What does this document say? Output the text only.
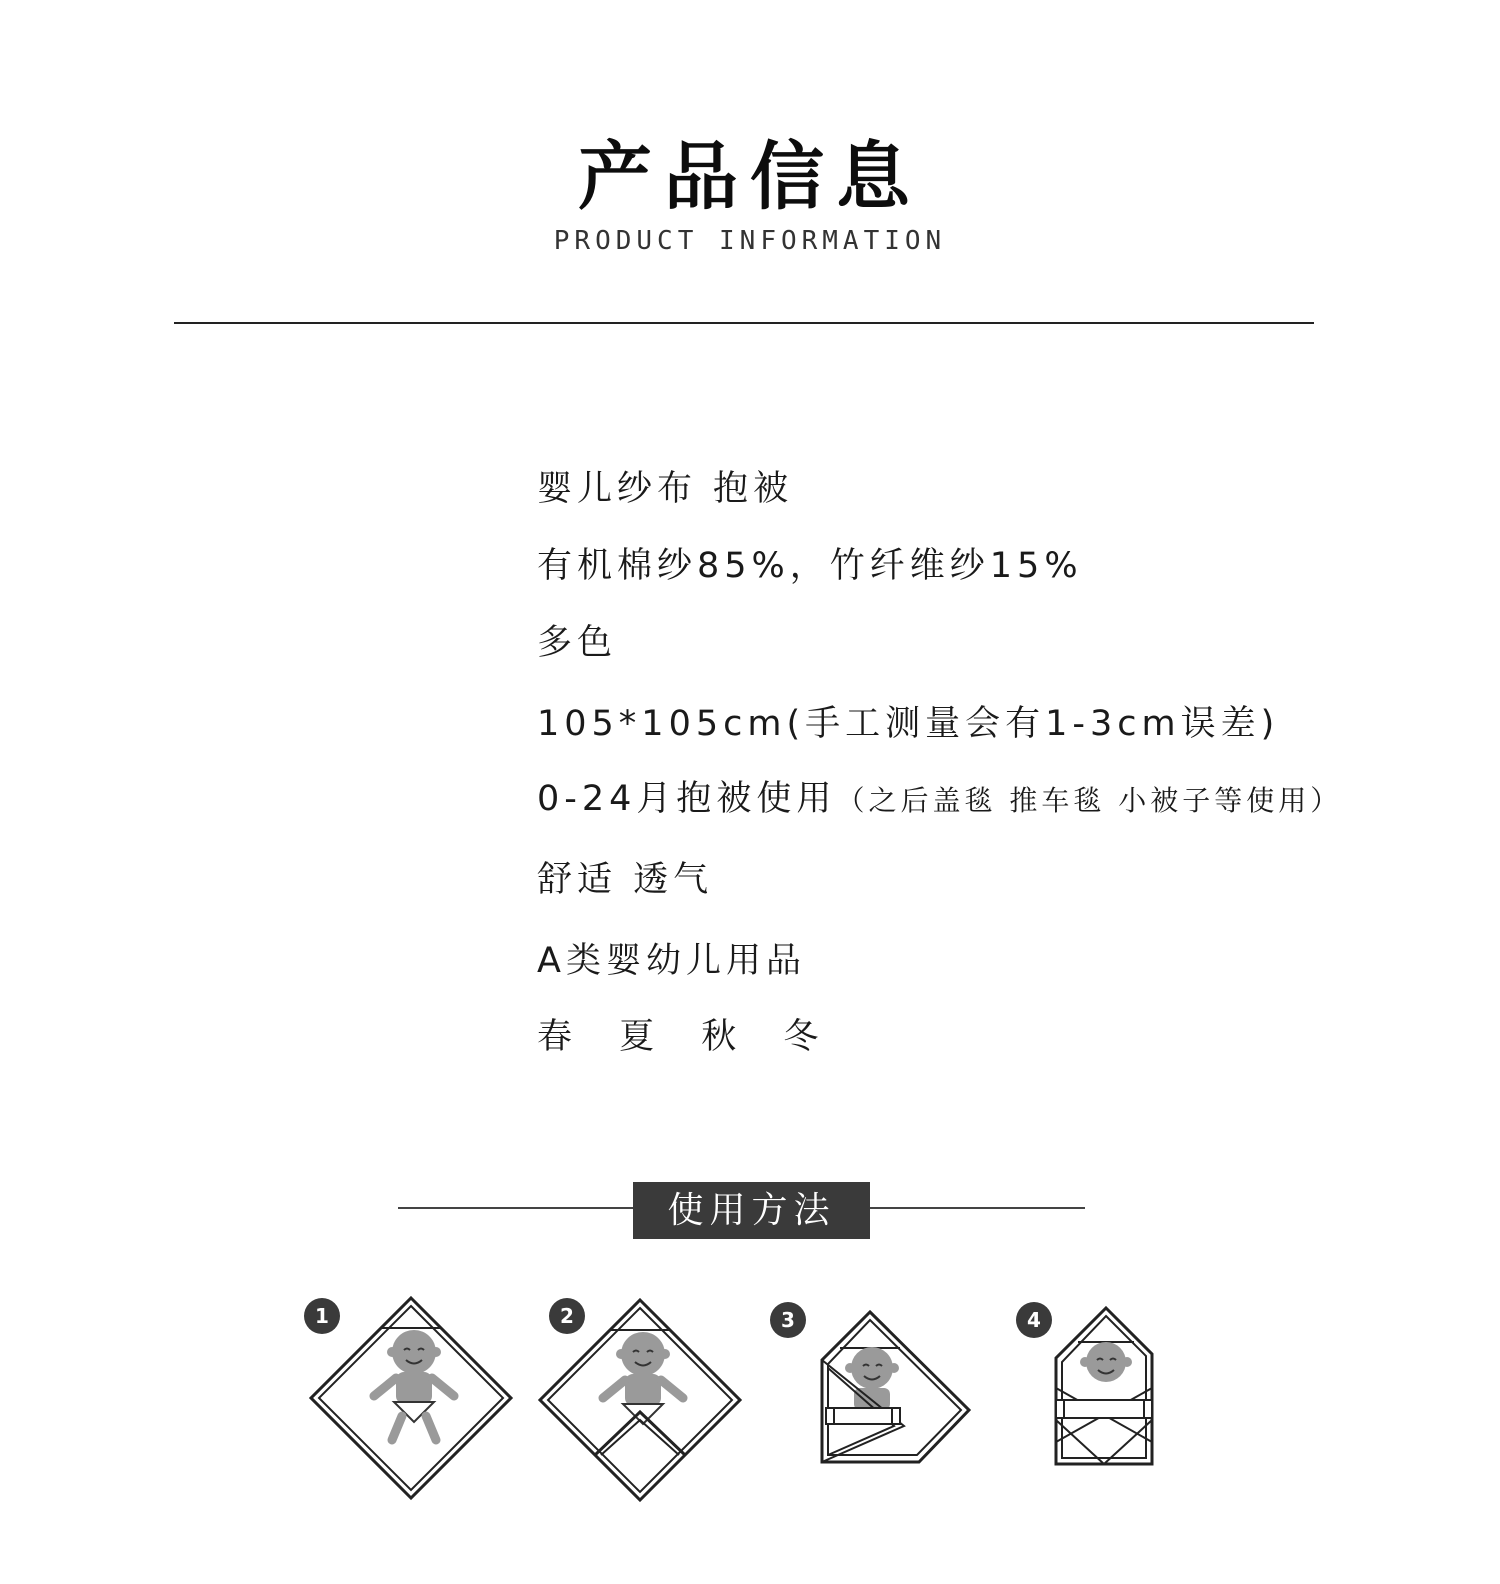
产品信息
PRODUCT INFORMATION
婴儿纱布 抱被
有机棉纱85%，竹纤维纱15%
多色
105*105cm(手工测量会有1-3cm误差)
0-24月抱被使用（之后盖毯 推车毯 小被子等使用）
舒适 透气
A类婴幼儿用品
春 夏 秋 冬
使用方法
1	2	3	4
